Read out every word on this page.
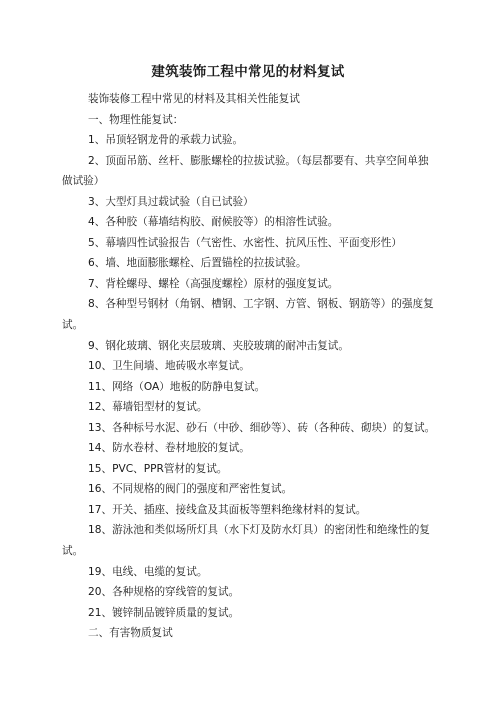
建筑装饰工程中常见的材料复试

装饰装修工程中常见的材料及其相关性能复试

一、物理性能复试：

1、吊顶轻钢龙骨的承载力试验。

2、顶面吊筋、丝杆、膨胀螺栓的拉拔试验。（每层都要有、共享空间单独做试验）

3、大型灯具过载试验（自已试验）

4、各种胶（幕墙结构胶、耐候胶等）的相溶性试验。

5、幕墙四性试验报告（气密性、水密性、抗风压性、平面变形性）

6、墙、地面膨胀螺栓、后置锚栓的拉拔试验。

7、背栓螺母、螺栓（高强度螺栓）原材的强度复试。

8、各种型号钢材（角钢、槽钢、工字钢、方管、钢板、钢筋等）的强度复试。

9、钢化玻璃、钢化夹层玻璃、夹胶玻璃的耐冲击复试。

10、卫生间墙、地砖吸水率复试。

11、网络（OA）地板的防静电复试。

12、幕墙铝型材的复试。

13、各种标号水泥、砂石（中砂、细砂等）、砖（各种砖、砌块）的复试。

14、防水卷材、卷材地胶的复试。

15、PVC、PPR管材的复试。

16、不同规格的阀门的强度和严密性复试。

17、开关、插座、接线盒及其面板等塑料绝缘材料的复试。

18、游泳池和类似场所灯具（水下灯及防水灯具）的密闭性和绝缘性的复试。

19、电线、电缆的复试。

20、各种规格的穿线管的复试。

21、镀锌制品镀锌质量的复试。

二、有害物质复试
